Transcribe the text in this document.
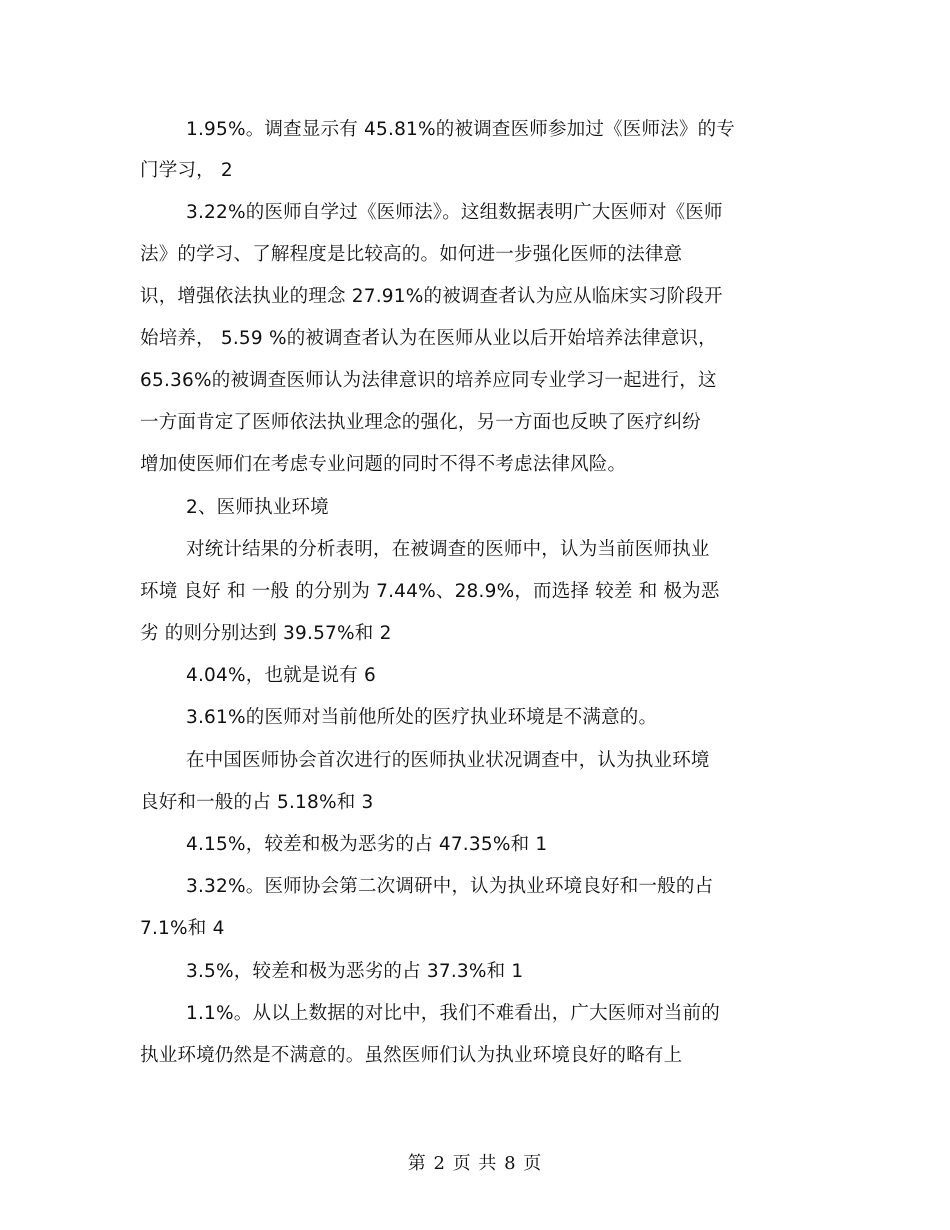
1.95%。调查显示有 45.81%的被调查医师参加过《医师法》的专
门学习， 2
3.22%的医师自学过《医师法》。这组数据表明广大医师对《医师
法》的学习、了解程度是比较高的。如何进一步强化医师的法律意
识，增强依法执业的理念 27.91%的被调查者认为应从临床实习阶段开
始培养， 5.59 %的被调查者认为在医师从业以后开始培养法律意识，
65.36%的被调查医师认为法律意识的培养应同专业学习一起进行，这
一方面肯定了医师依法执业理念的强化，另一方面也反映了医疗纠纷
增加使医师们在考虑专业问题的同时不得不考虑法律风险。
2、医师执业环境
对统计结果的分析表明，在被调查的医师中，认为当前医师执业
环境 良好 和 一般 的分别为 7.44%、28.9%，而选择 较差 和 极为恶
劣 的则分别达到 39.57%和 2
4.04%，也就是说有 6
3.61%的医师对当前他所处的医疗执业环境是不满意的。
在中国医师协会首次进行的医师执业状况调查中，认为执业环境
良好和一般的占 5.18%和 3
4.15%，较差和极为恶劣的占 47.35%和 1
3.32%。医师协会第二次调研中，认为执业环境良好和一般的占
7.1%和 4
3.5%，较差和极为恶劣的占 37.3%和 1
1.1%。从以上数据的对比中，我们不难看出，广大医师对当前的
执业环境仍然是不满意的。虽然医师们认为执业环境良好的略有上
第 2 页 共 8 页
